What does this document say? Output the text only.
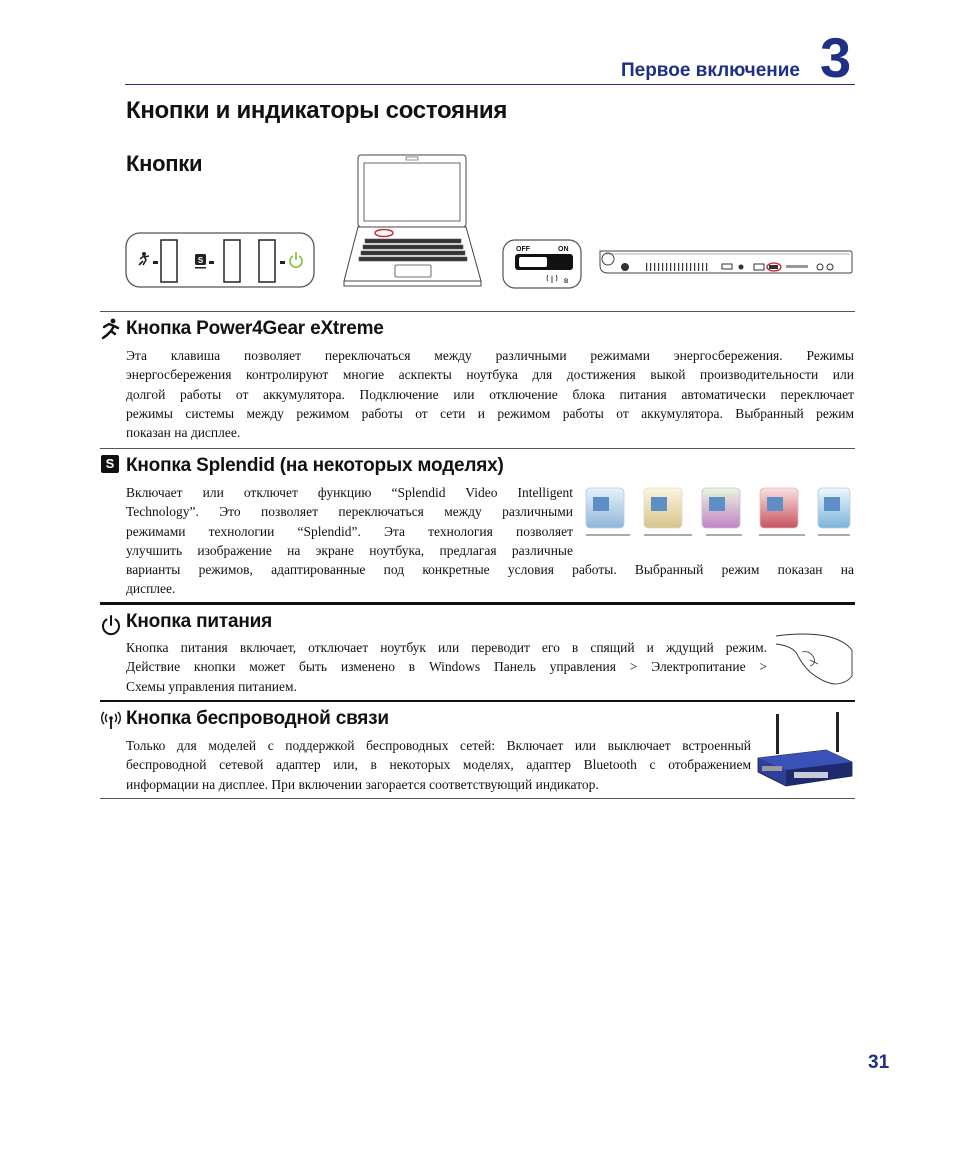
Первое включение 3
Кнопки и индикаторы состояния
Кнопки
S
OFF	ON
ʙ
Кнопка Power4Gear eXtreme
Эта клавиша позволяет переключаться между различными режимами энергосбережения. Режимы
энергосбережения контролируют многие аскпекты ноутбука для достижения выкой производительности или
долгой работы от аккумулятора. Подключение или отключение блока питания автоматически переключает
режимы системы между режимом работы от сети и режимом работы от аккумулятора. Выбранный режим
показан на дисплее.
S Кнопка Splendid (на некоторых моделях)
Включает или отключет функцию “Splendid Video Intelligent
Technology”. Это позволяет переключаться между различными
режимами технологии “Splendid”. Эта технология позволяет
улучшить изображение на экране ноутбука, предлагая различные
варианты режимов, адаптированные под конкретные условия работы. Выбранный режим показан на
дисплее.
Кнопка питания
Кнопка питания включает, отключает ноутбук или переводит его в спящий и ждущий режим.
Действие кнопки может быть изменено в Windows Панель управления > Электропитание >
Схемы управления питанием.
Кнопка беспроводной связи
Только для моделей с поддержкой беспроводных сетей: Включает или выключает встроенный
беспроводной сетевой адаптер или, в некоторых моделях, адаптер Bluetooth с отображением
информации на дисплее. При включении загорается соответствующий индикатор.
31
